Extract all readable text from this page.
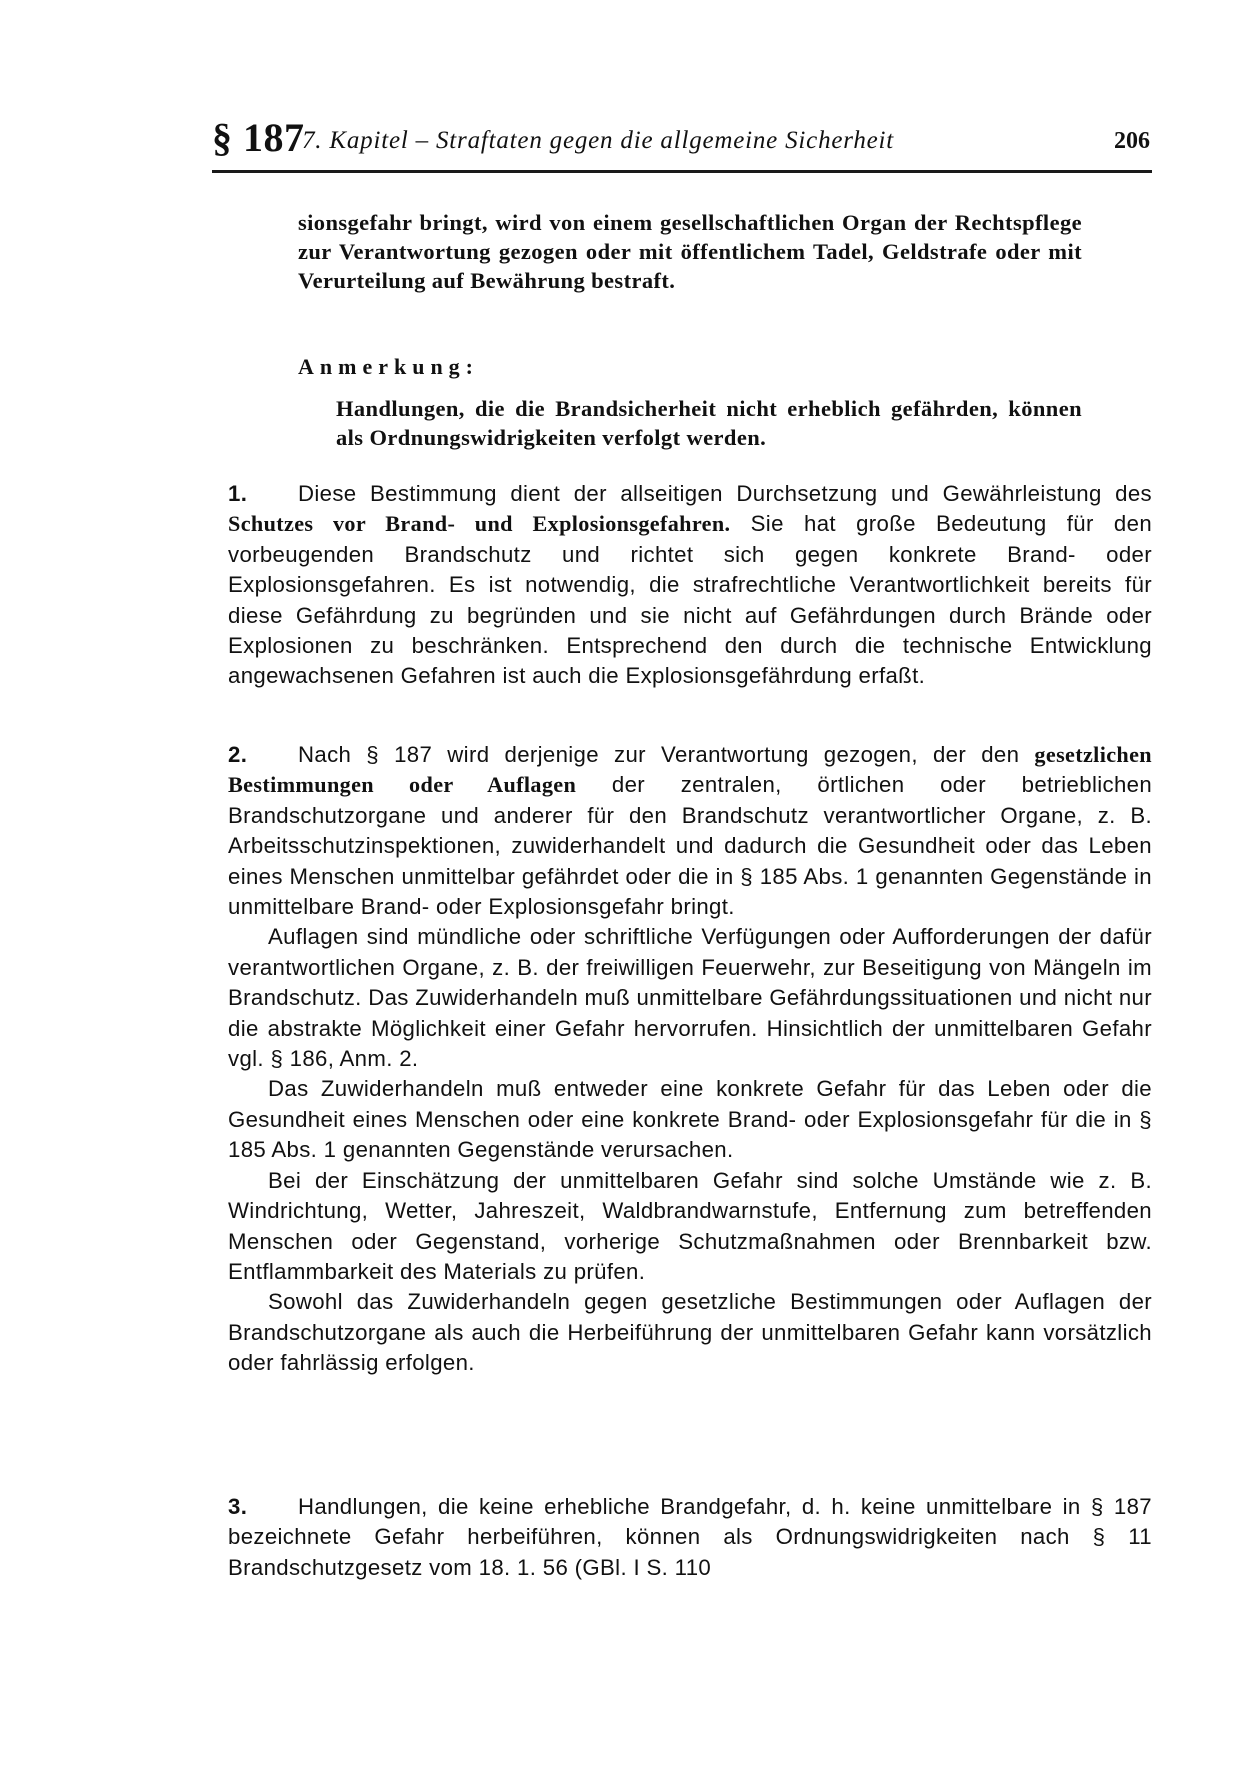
§ 187
7. Kapitel – Straftaten gegen die allgemeine Sicherheit	206

sionsgefahr bringt, wird von einem gesellschaftlichen Organ der Rechtspflege zur Verantwortung gezogen oder mit öffentlichem Tadel, Geldstrafe oder mit Verurteilung auf Bewährung bestraft.

Anmerkung:

Handlungen, die die Brandsicherheit nicht erheblich gefährden, können als Ordnungswidrigkeiten verfolgt werden.

1. Diese Bestimmung dient der allseitigen Durchsetzung und Gewährleistung des Schutzes vor Brand- und Explosionsgefahren. Sie hat große Bedeutung für den vorbeugenden Brandschutz und richtet sich gegen konkrete Brand- oder Explosionsgefahren. Es ist notwendig, die strafrechtliche Verantwortlichkeit bereits für diese Gefährdung zu begründen und sie nicht auf Gefährdungen durch Brände oder Explosionen zu beschränken. Entsprechend den durch die technische Entwicklung angewachsenen Gefahren ist auch die Explosionsgefährdung erfaßt.
2. Nach § 187 wird derjenige zur Verantwortung gezogen, der den gesetzlichen Bestimmungen oder Auflagen der zentralen, örtlichen oder betrieblichen Brandschutzorgane und anderer für den Brandschutz verantwortlicher Organe, z. B. Arbeitsschutzinspektionen, zuwiderhandelt und dadurch die Gesundheit oder das Leben eines Menschen unmittelbar gefährdet oder die in § 185 Abs. 1 genannten Gegenstände in unmittelbare Brand- oder Explosionsgefahr bringt.
Auflagen sind mündliche oder schriftliche Verfügungen oder Aufforderungen der dafür verantwortlichen Organe, z. B. der freiwilligen Feuerwehr, zur Beseitigung von Mängeln im Brandschutz. Das Zuwiderhandeln muß unmittelbare Gefährdungssituationen und nicht nur die abstrakte Möglichkeit einer Gefahr hervorrufen. Hinsichtlich der unmittelbaren Gefahr vgl. § 186, Anm. 2.
Das Zuwiderhandeln muß entweder eine konkrete Gefahr für das Leben oder die Gesundheit eines Menschen oder eine konkrete Brand- oder Explosionsgefahr für die in § 185 Abs. 1 genannten Gegenstände verursachen.
Bei der Einschätzung der unmittelbaren Gefahr sind solche Umstände wie z. B. Windrichtung, Wetter, Jahreszeit, Waldbrandwarnstufe, Entfernung zum betreffenden Menschen oder Gegenstand, vorherige Schutzmaßnahmen oder Brennbarkeit bzw. Entflammbarkeit des Materials zu prüfen.
Sowohl das Zuwiderhandeln gegen gesetzliche Bestimmungen oder Auflagen der Brandschutzorgane als auch die Herbeiführung der unmittelbaren Gefahr kann vorsätzlich oder fahrlässig erfolgen.
3. Handlungen, die keine erhebliche Brandgefahr, d. h. keine unmittelbare in § 187 bezeichnete Gefahr herbeiführen, können als Ordnungswidrigkeiten nach § 11 Brandschutzgesetz vom 18. 1. 56 (GBl. I S. 110
